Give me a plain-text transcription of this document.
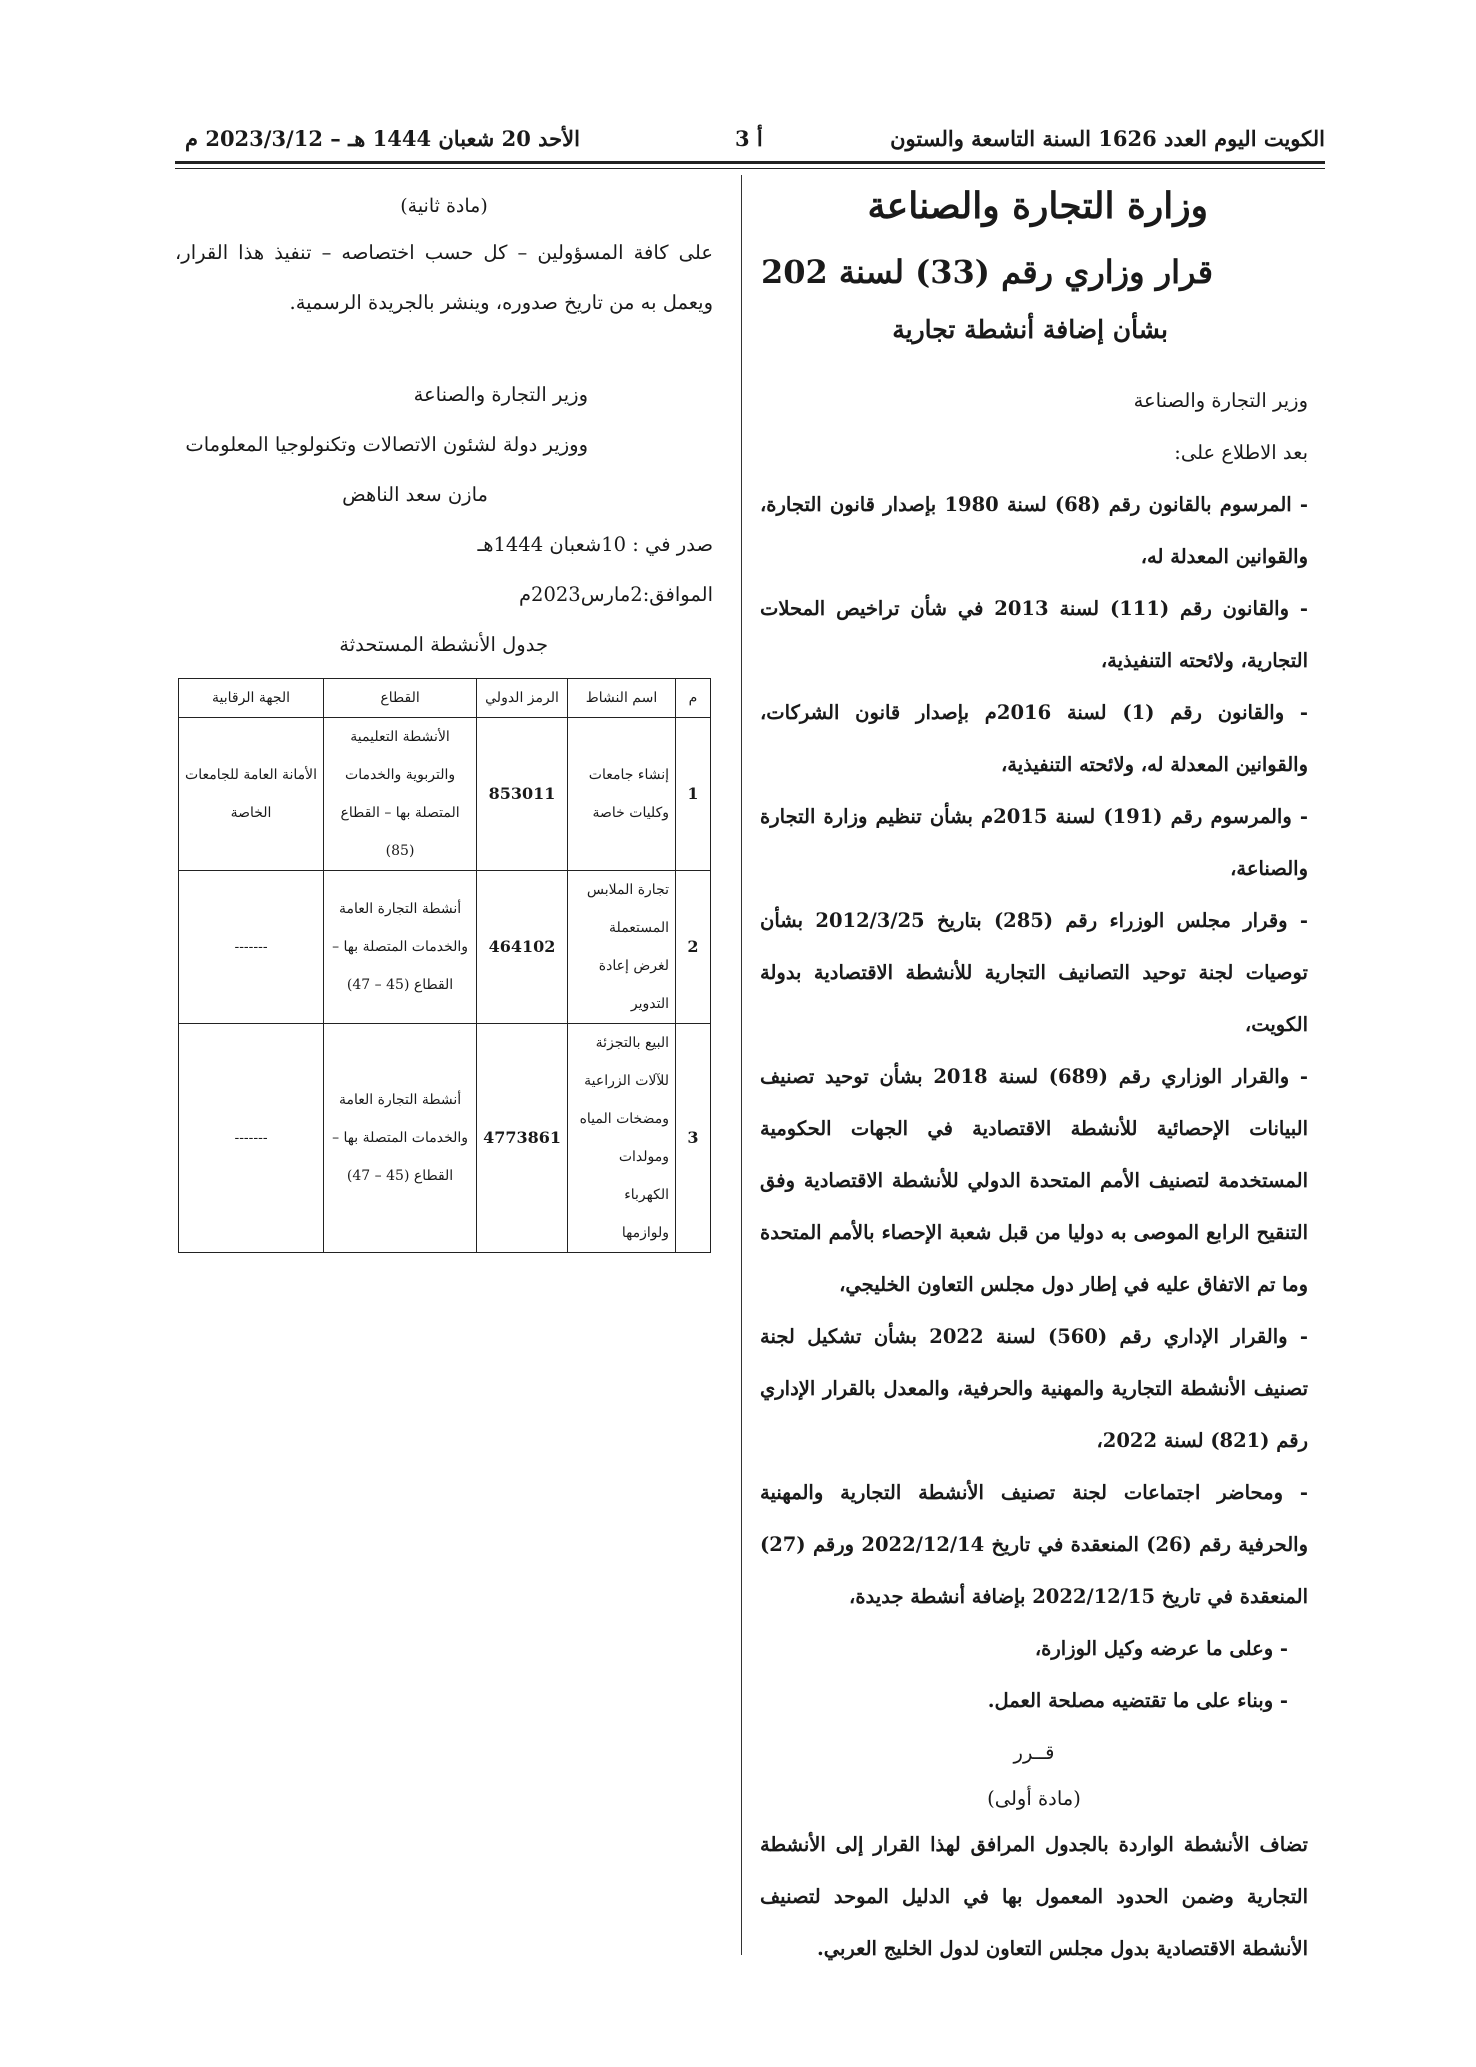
الكويت اليوم العدد 1626 السنة التاسعة والستون
أ 3
الأحد 20 شعبان 1444 هـ – 2023/3/12 م
وزارة التجارة والصناعة
قرار وزاري رقم (33) لسنة 202
بشأن إضافة أنشطة تجارية

وزير التجارة والصناعة

بعد الاطلاع على:

- المرسوم بالقانون رقم (68) لسنة 1980 بإصدار قانون التجارة، والقوانين المعدلة له،

- والقانون رقم (111) لسنة 2013 في شأن تراخيص المحلات التجارية، ولائحته التنفيذية،

- والقانون رقم (1) لسنة 2016م بإصدار قانون الشركات، والقوانين المعدلة له، ولائحته التنفيذية،

- والمرسوم رقم (191) لسنة 2015م بشأن تنظيم وزارة التجارة والصناعة،

- وقرار مجلس الوزراء رقم (285) بتاريخ 2012/3/25 بشأن توصيات لجنة توحيد التصانيف التجارية للأنشطة الاقتصادية بدولة الكويت،

- والقرار الوزاري رقم (689) لسنة 2018 بشأن توحيد تصنيف البيانات الإحصائية للأنشطة الاقتصادية في الجهات الحكومية المستخدمة لتصنيف الأمم المتحدة الدولي للأنشطة الاقتصادية وفق التنقيح الرابع الموصى به دوليا من قبل شعبة الإحصاء بالأمم المتحدة وما تم الاتفاق عليه في إطار دول مجلس التعاون الخليجي،

- والقرار الإداري رقم (560) لسنة 2022 بشأن تشكيل لجنة تصنيف الأنشطة التجارية والمهنية والحرفية، والمعدل بالقرار الإداري رقم (821) لسنة 2022،

- ومحاضر اجتماعات لجنة تصنيف الأنشطة التجارية والمهنية والحرفية رقم (26) المنعقدة في تاريخ 2022/12/14 ورقم (27) المنعقدة في تاريخ 2022/12/15 بإضافة أنشطة جديدة،

- وعلى ما عرضه وكيل الوزارة،

- وبناء على ما تقتضيه مصلحة العمل.

قــرر

(مادة أولى)

تضاف الأنشطة الواردة بالجدول المرافق لهذا القرار إلى الأنشطة التجارية وضمن الحدود المعمول بها في الدليل الموحد لتصنيف الأنشطة الاقتصادية بدول مجلس التعاون لدول الخليج العربي.

(مادة ثانية)

على كافة المسؤولين – كل حسب اختصاصه – تنفيذ هذا القرار، ويعمل به من تاريخ صدوره، وينشر بالجريدة الرسمية.

وزير التجارة والصناعة

ووزير دولة لشئون الاتصالات وتكنولوجيا المعلومات

مازن سعد الناهض

صدر في : 10شعبان 1444هـ

الموافق:2مارس2023م

جدول الأنشطة المستحدثة

م	اسم النشاط	الرمز الدولي	القطاع	الجهة الرقابية
1	إنشاء جامعات وكليات خاصة	853011	الأنشطة التعليمية والتربوية والخدمات المتصلة بها – القطاع (85)	الأمانة العامة للجامعات الخاصة
2	تجارة الملابس المستعملة لغرض إعادة التدوير	464102	أنشطة التجارة العامة والخدمات المتصلة بها – القطاع (45 – 47)	-------
3	البيع بالتجزئة للآلات الزراعية ومضخات المياه ومولدات الكهرباء ولوازمها	4773861	أنشطة التجارة العامة والخدمات المتصلة بها – القطاع (45 – 47)	-------
